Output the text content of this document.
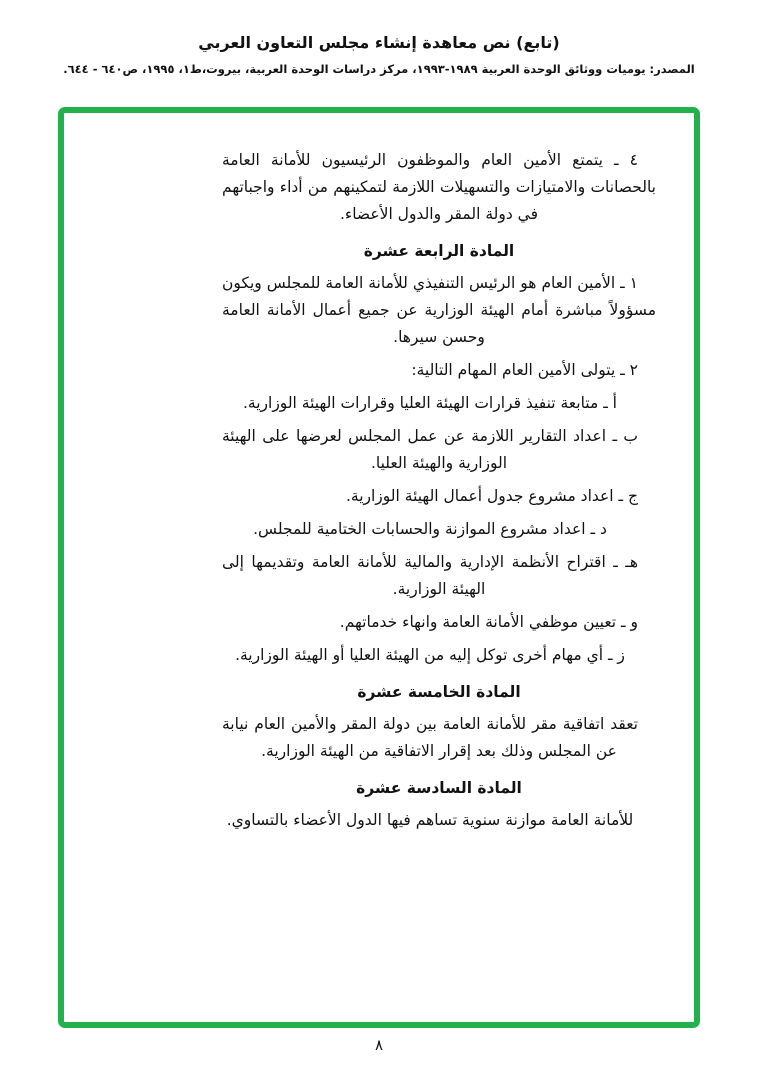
(تابع) نص معاهدة إنشاء مجلس التعاون العربي
المصدر: يوميات ووثائق الوحدة العربية ١٩٨٩-١٩٩٣، مركز دراسات الوحدة العربية، بيروت،ط١، ١٩٩٥، ص٦٤٠ - ٦٤٤.
٤ ـ يتمتع الأمين العام والموظفون الرئيسيون للأمانة العامة بالحصانات والامتيازات والتسهيلات اللازمة لتمكينهم من أداء واجباتهم في دولة المقر والدول الأعضاء.
المادة الرابعة عشرة
١ ـ الأمين العام هو الرئيس التنفيذي للأمانة العامة للمجلس ويكون مسؤولاً مباشرة أمام الهيئة الوزارية عن جميع أعمال الأمانة العامة وحسن سيرها.
٢ ـ يتولى الأمين العام المهام التالية:
أ ـ متابعة تنفيذ قرارات الهيئة العليا وقرارات الهيئة الوزارية.
ب ـ اعداد التقارير اللازمة عن عمل المجلس لعرضها على الهيئة الوزارية والهيئة العليا.
ج ـ اعداد مشروع جدول أعمال الهيئة الوزارية.
د ـ اعداد مشروع الموازنة والحسابات الختامية للمجلس.
هـ ـ اقتراح الأنظمة الإدارية والمالية للأمانة العامة وتقديمها إلى الهيئة الوزارية.
و ـ تعيين موظفي الأمانة العامة وانهاء خدماتهم.
ز ـ أي مهام أخرى توكل إليه من الهيئة العليا أو الهيئة الوزارية.
المادة الخامسة عشرة
تعقد اتفاقية مقر للأمانة العامة بين دولة المقر والأمين العام نيابة عن المجلس وذلك بعد إقرار الاتفاقية من الهيئة الوزارية.
المادة السادسة عشرة
للأمانة العامة موازنة سنوية تساهم فيها الدول الأعضاء بالتساوي.
٨
